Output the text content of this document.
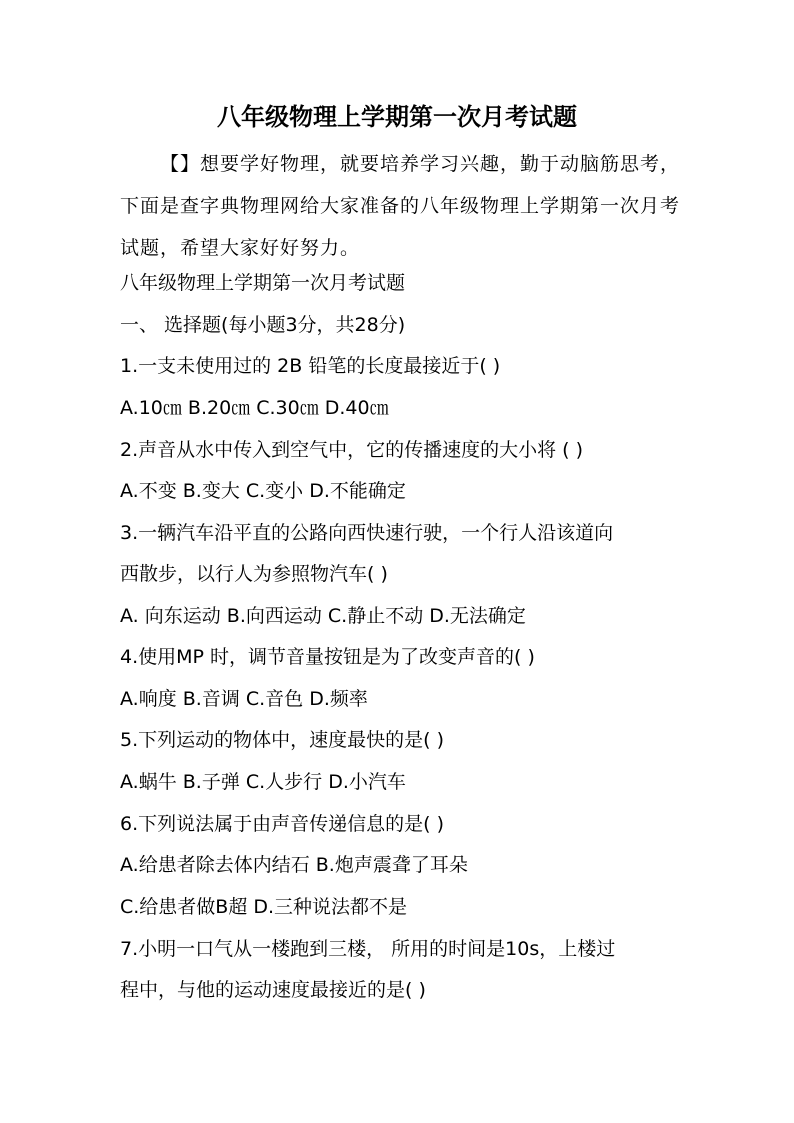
八年级物理上学期第一次月考试题

【】想要学好物理，就要培养学习兴趣，勤于动脑筋思考，下面是查字典物理网给大家准备的八年级物理上学期第一次月考试题，希望大家好好努力。

八年级物理上学期第一次月考试题

一、 选择题(每小题3分，共28分)

1.一支未使用过的 2B 铅笔的长度最接近于( )

A.10㎝ B.20㎝ C.30㎝ D.40㎝

2.声音从水中传入到空气中，它的传播速度的大小将 ( )

A.不变 B.变大 C.变小 D.不能确定

3.一辆汽车沿平直的公路向西快速行驶，一个行人沿该道向

西散步，以行人为参照物汽车( )

A. 向东运动 B.向西运动 C.静止不动 D.无法确定

4.使用MP 时，调节音量按钮是为了改变声音的( )

A.响度 B.音调 C.音色 D.频率

5.下列运动的物体中，速度最快的是( )

A.蜗牛 B.子弹 C.人步行 D.小汽车

6.下列说法属于由声音传递信息的是( )

A.给患者除去体内结石 B.炮声震聋了耳朵

C.给患者做B超 D.三种说法都不是

7.小明一口气从一楼跑到三楼， 所用的时间是10s，上楼过

程中，与他的运动速度最接近的是( )
